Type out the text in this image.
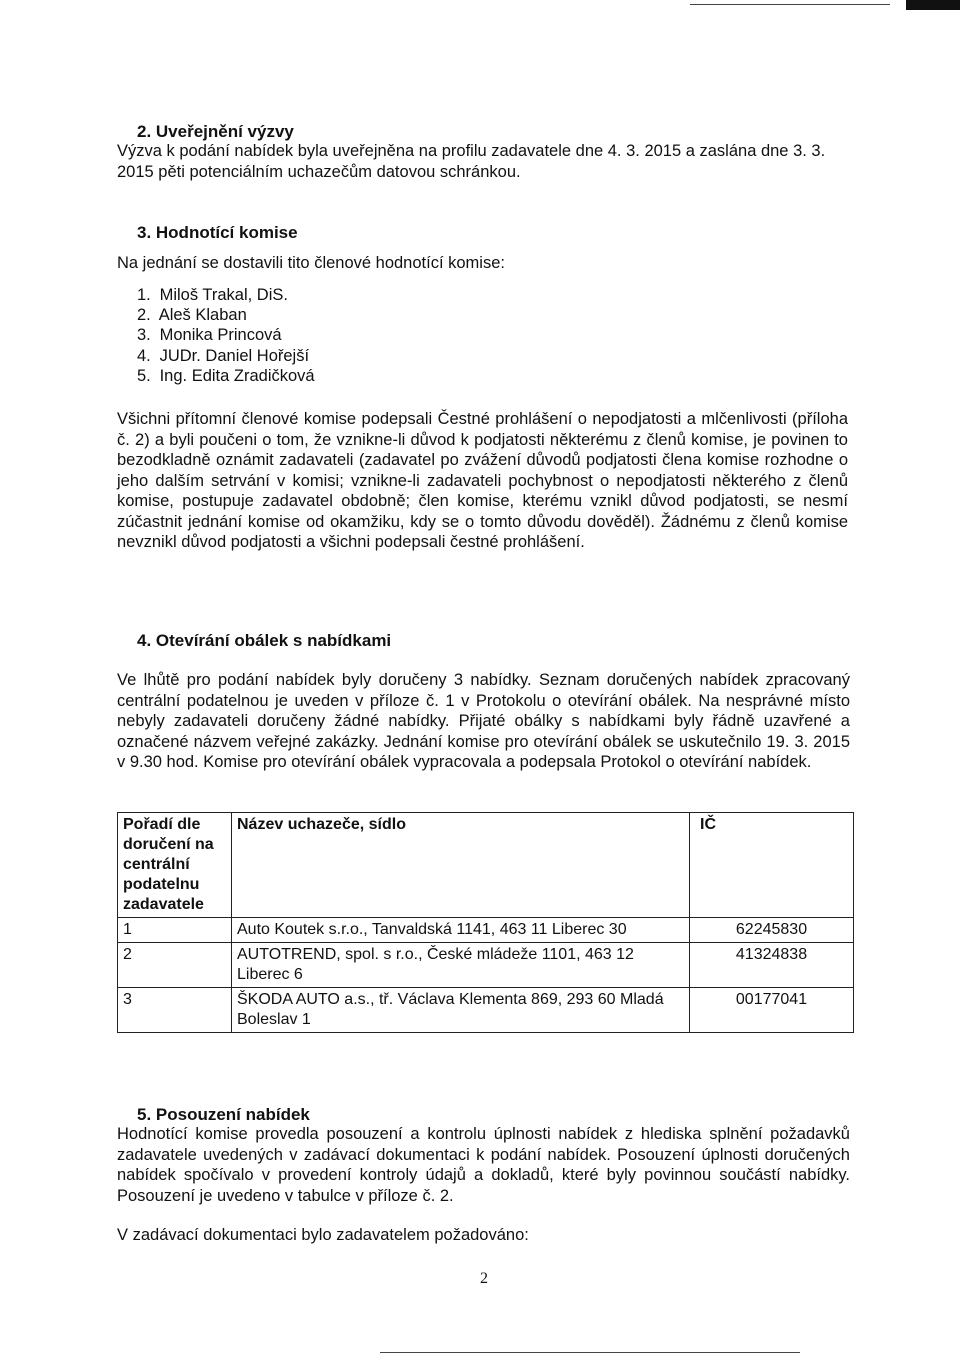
2. Uveřejnění výzvy

Výzva k podání nabídek byla uveřejněna na profilu zadavatele dne 4. 3. 2015 a zaslána dne 3. 3. 2015 pěti potenciálním uchazečům datovou schránkou.

3. Hodnotící komise

Na jednání se dostavili tito členové hodnotící komise:

1. Miloš Trakal, DiS.
2. Aleš Klaban
3. Monika Princová
4. JUDr. Daniel Hořejší
5. Ing. Edita Zradičková

Všichni přítomní členové komise podepsali Čestné prohlášení o nepodjatosti a mlčenlivosti (příloha č. 2) a byli poučeni o tom, že vznikne-li důvod k podjatosti některému z členů komise, je povinen to bezodkladně oznámit zadavateli (zadavatel po zvážení důvodů podjatosti člena komise rozhodne o jeho dalším setrvání v komisi; vznikne-li zadavateli pochybnost o nepodjatosti některého z členů komise, postupuje zadavatel obdobně; člen komise, kterému vznikl důvod podjatosti, se nesmí zúčastnit jednání komise od okamžiku, kdy se o tomto důvodu dověděl). Žádnému z členů komise nevznikl důvod podjatosti a všichni podepsali čestné prohlášení.

4. Otevírání obálek s nabídkami

Ve lhůtě pro podání nabídek byly doručeny 3 nabídky. Seznam doručených nabídek zpracovaný centrální podatelnou je uveden v příloze č. 1 v Protokolu o otevírání obálek. Na nesprávné místo nebyly zadavateli doručeny žádné nabídky. Přijaté obálky s nabídkami byly řádně uzavřené a označené názvem veřejné zakázky. Jednání komise pro otevírání obálek se uskutečnilo 19. 3. 2015 v 9.30 hod. Komise pro otevírání obálek vypracovala a podepsala Protokol o otevírání nabídek.

Pořadí dle doručení na centrální podatelnu zadavatele	Název uchazeče, sídlo	IČ
1	Auto Koutek s.r.o., Tanvaldská 1141, 463 11 Liberec 30	62245830
2	AUTOTREND, spol. s r.o., České mládeže 1101, 463 12 Liberec 6	41324838
3	ŠKODA AUTO a.s., tř. Václava Klementa 869, 293 60 Mladá Boleslav 1	00177041
5. Posouzení nabídek

Hodnotící komise provedla posouzení a kontrolu úplnosti nabídek z hlediska splnění požadavků zadavatele uvedených v zadávací dokumentaci k podání nabídek. Posouzení úplnosti doručených nabídek spočívalo v provedení kontroly údajů a dokladů, které byly povinnou součástí nabídky. Posouzení je uvedeno v tabulce v příloze č. 2.

V zadávací dokumentaci bylo zadavatelem požadováno:

2
